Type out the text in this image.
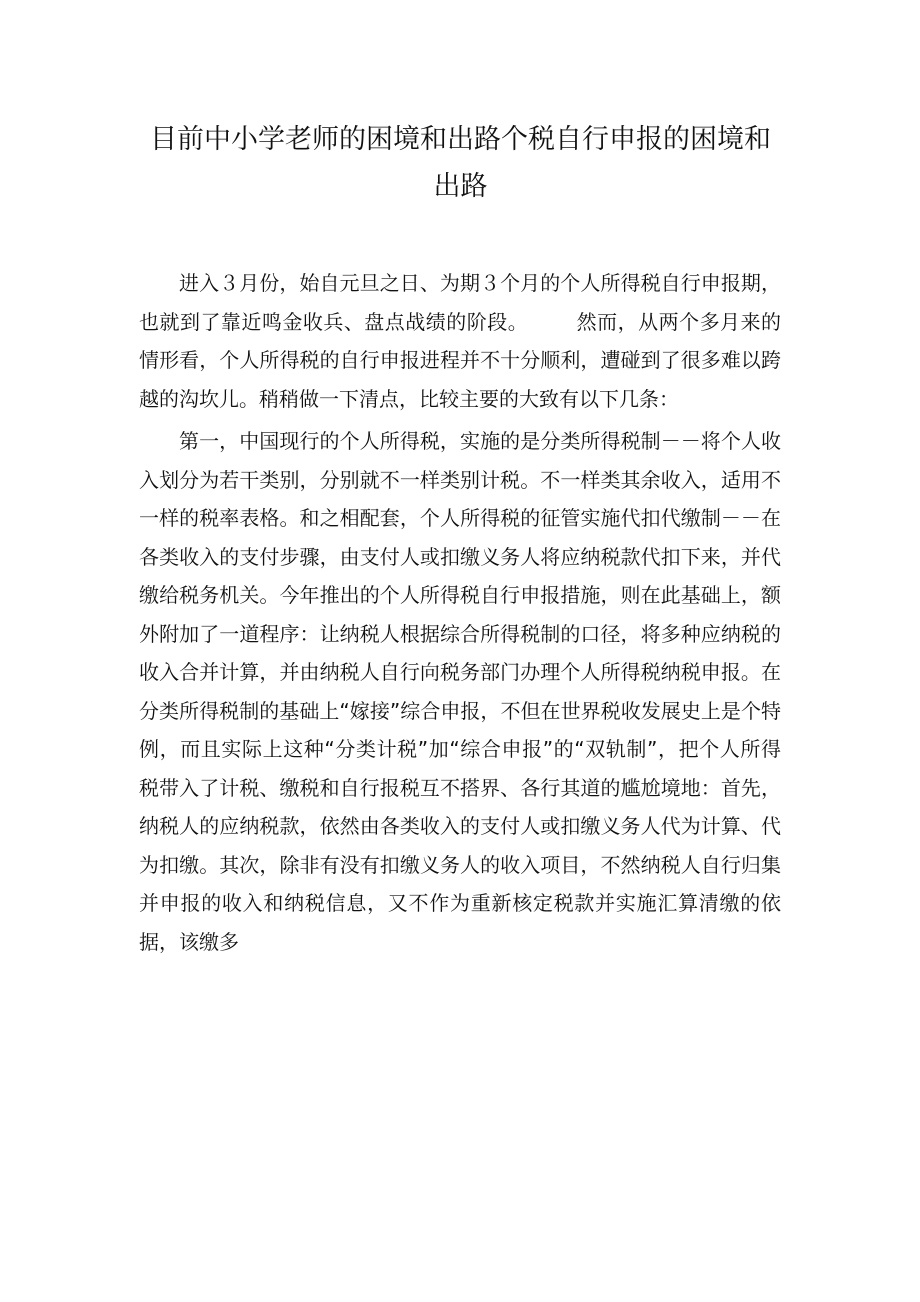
目前中小学老师的困境和出路个税自行申报的困境和出路

进入３月份，始自元旦之日、为期３个月的个人所得税自行申报期，也就到了靠近鸣金收兵、盘点战绩的阶段。 然而，从两个多月来的情形看，个人所得税的自行申报进程并不十分顺利，遭碰到了很多难以跨越的沟坎儿。稍稍做一下清点，比较主要的大致有以下几条：

第一，中国现行的个人所得税，实施的是分类所得税制－－将个人收入划分为若干类别，分别就不一样类别计税。不一样类其余收入，适用不一样的税率表格。和之相配套，个人所得税的征管实施代扣代缴制－－在各类收入的支付步骤，由支付人或扣缴义务人将应纳税款代扣下来，并代缴给税务机关。今年推出的个人所得税自行申报措施，则在此基础上，额外附加了一道程序：让纳税人根据综合所得税制的口径，将多种应纳税的收入合并计算，并由纳税人自行向税务部门办理个人所得税纳税申报。在分类所得税制的基础上“嫁接”综合申报，不但在世界税收发展史上是个特例，而且实际上这种“分类计税”加“综合申报”的“双轨制”，把个人所得税带入了计税、缴税和自行报税互不搭界、各行其道的尴尬境地：首先，纳税人的应纳税款，依然由各类收入的支付人或扣缴义务人代为计算、代为扣缴。其次，除非有没有扣缴义务人的收入项目，不然纳税人自行归集并申报的收入和纳税信息，又不作为重新核定税款并实施汇算清缴的依据，该缴多
